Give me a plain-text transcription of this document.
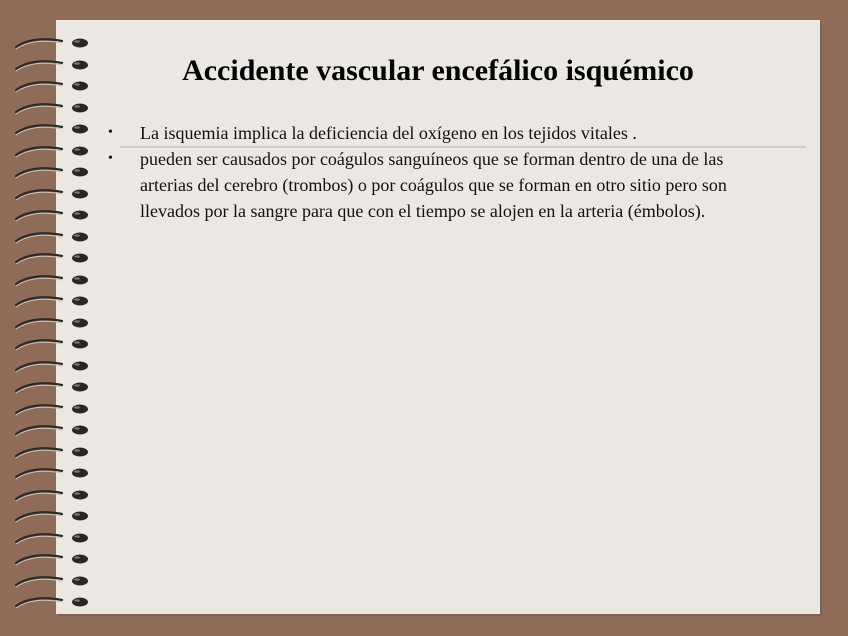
Accidente vascular encefálico isquémico
• La isquemia implica la deficiencia del oxígeno en los tejidos vitales .
• pueden ser causados por coágulos sanguíneos que se forman dentro de una de las arterias del cerebro (trombos) o por coágulos que se forman en otro sitio pero son llevados por la sangre para que con el tiempo se alojen en la arteria (émbolos).
